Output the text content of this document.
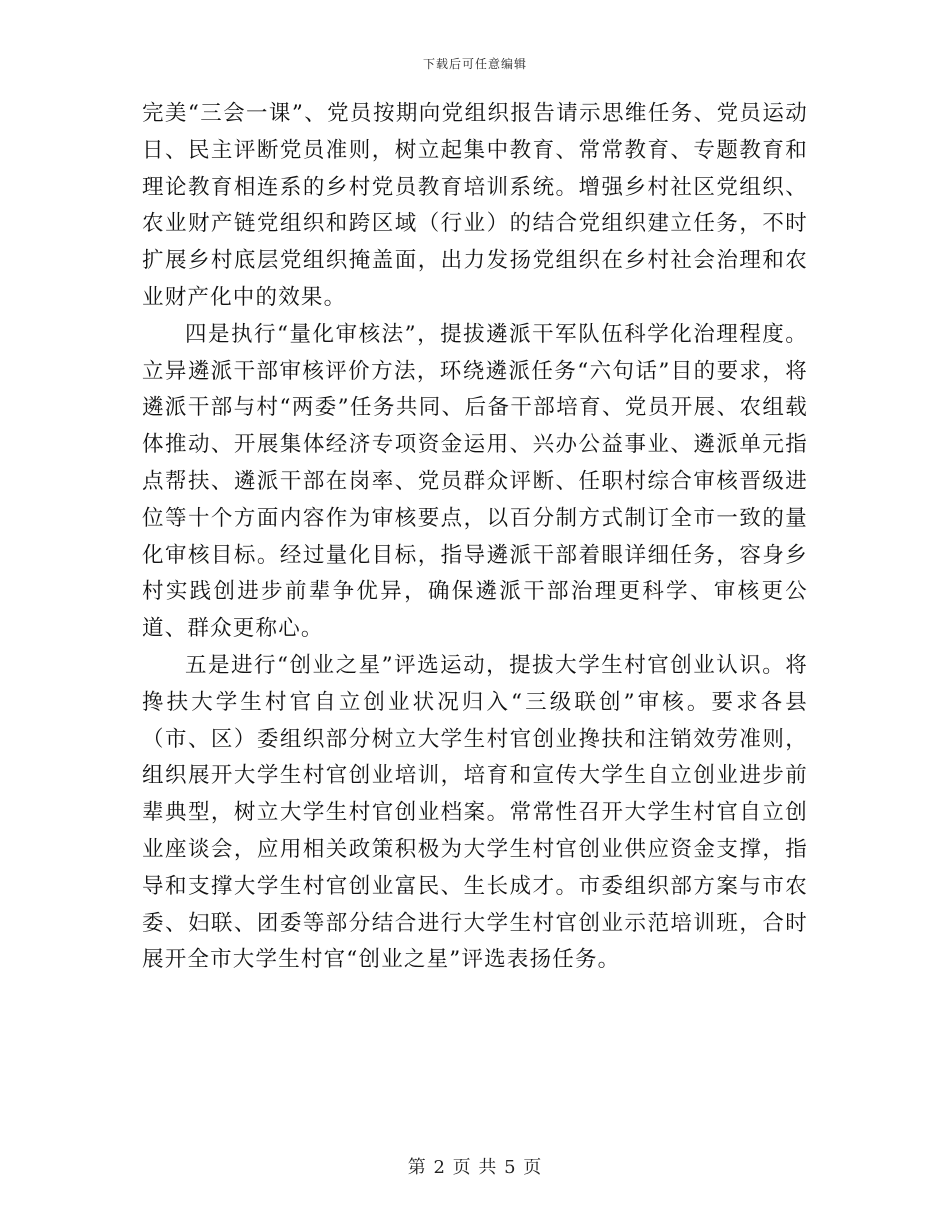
下载后可任意编辑

完美“三会一课”、党员按期向党组织报告请示思维任务、党员运动日、民主评断党员准则，树立起集中教育、常常教育、专题教育和理论教育相连系的乡村党员教育培训系统。增强乡村社区党组织、农业财产链党组织和跨区域（行业）的结合党组织建立任务，不时扩展乡村底层党组织掩盖面，出力发扬党组织在乡村社会治理和农业财产化中的效果。

四是执行“量化审核法”，提拔遴派干军队伍科学化治理程度。立异遴派干部审核评价方法，环绕遴派任务“六句话”目的要求，将遴派干部与村“两委”任务共同、后备干部培育、党员开展、农组载体推动、开展集体经济专项资金运用、兴办公益事业、遴派单元指点帮扶、遴派干部在岗率、党员群众评断、任职村综合审核晋级进位等十个方面内容作为审核要点，以百分制方式制订全市一致的量化审核目标。经过量化目标，指导遴派干部着眼详细任务，容身乡村实践创进步前辈争优异，确保遴派干部治理更科学、审核更公道、群众更称心。

五是进行“创业之星”评选运动，提拔大学生村官创业认识。将搀扶大学生村官自立创业状况归入“三级联创”审核。要求各县（市、区）委组织部分树立大学生村官创业搀扶和注销效劳准则，组织展开大学生村官创业培训，培育和宣传大学生自立创业进步前辈典型，树立大学生村官创业档案。常常性召开大学生村官自立创业座谈会，应用相关政策积极为大学生村官创业供应资金支撑，指导和支撑大学生村官创业富民、生长成才。市委组织部方案与市农委、妇联、团委等部分结合进行大学生村官创业示范培训班，合时展开全市大学生村官“创业之星”评选表扬任务。

第 2 页 共 5 页
